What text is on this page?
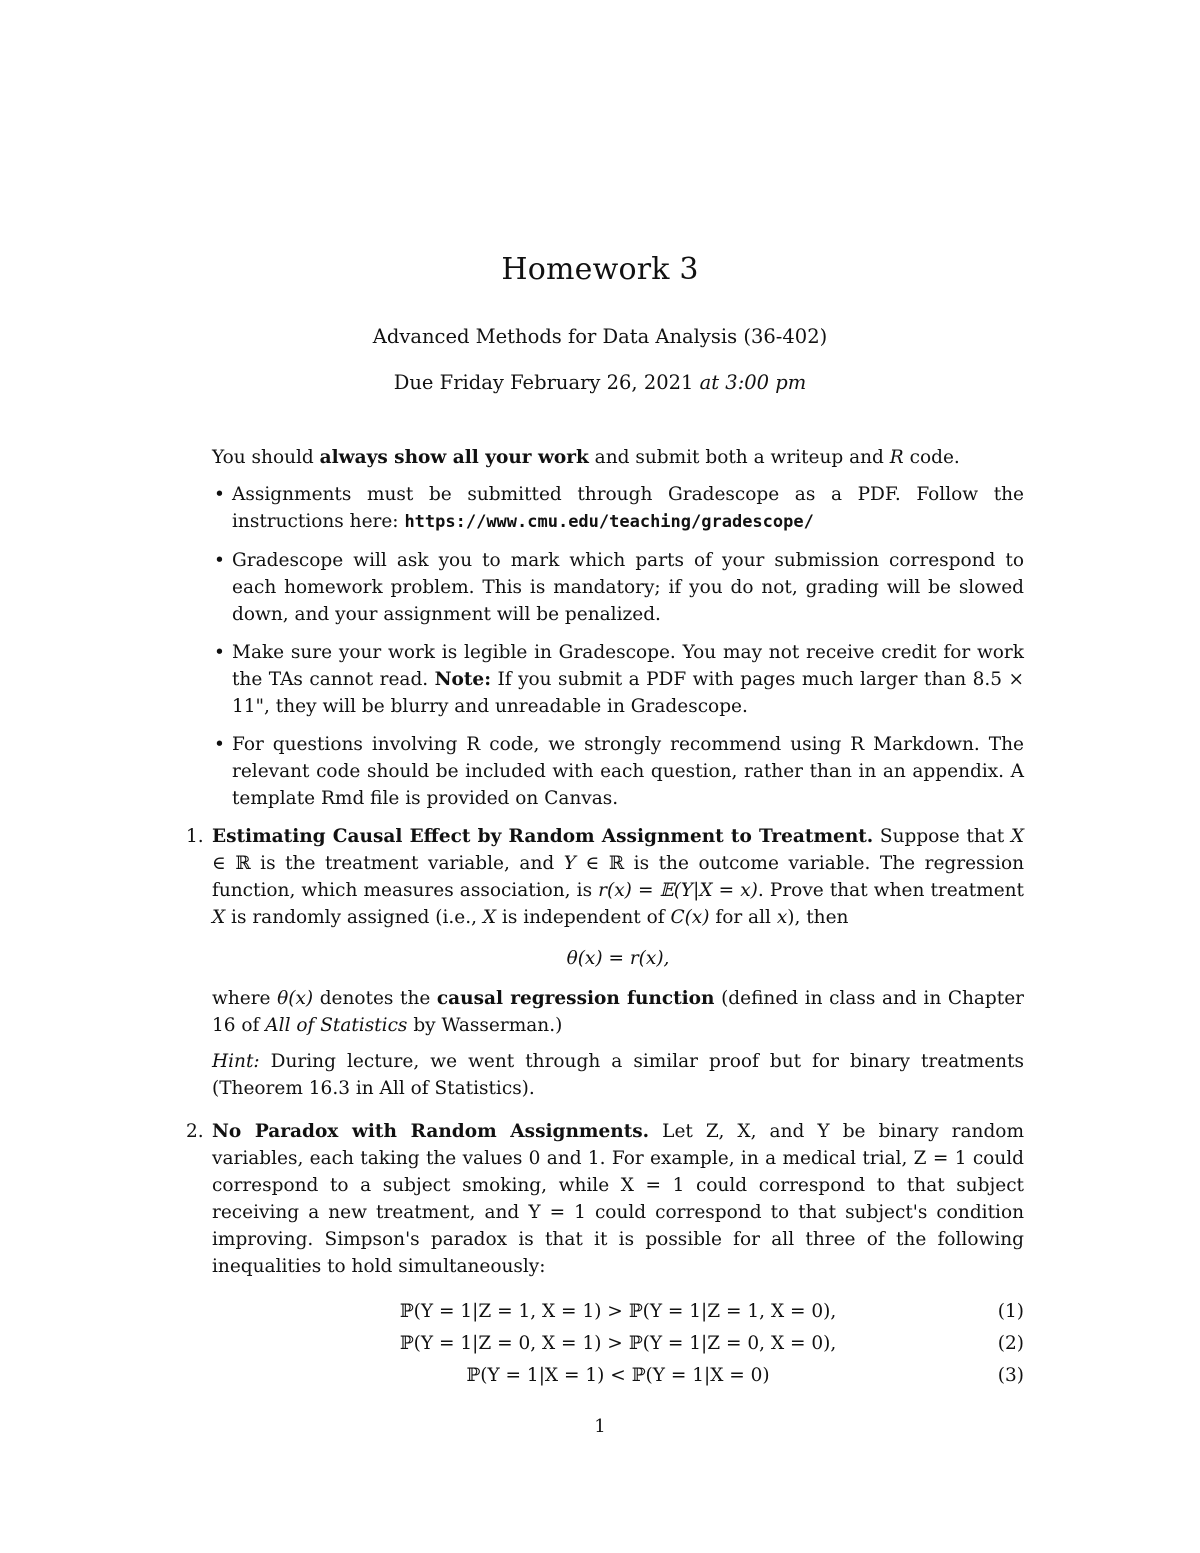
Homework 3
Advanced Methods for Data Analysis (36-402)
Due Friday February 26, 2021 at 3:00 pm

You should always show all your work and submit both a writeup and R code.

• Assignments must be submitted through Gradescope as a PDF. Follow the instructions here: https://www.cmu.edu/teaching/gradescope/
• Gradescope will ask you to mark which parts of your submission correspond to each homework problem. This is mandatory; if you do not, grading will be slowed down, and your assignment will be penalized.
• Make sure your work is legible in Gradescope. You may not receive credit for work the TAs cannot read. Note: If you submit a PDF with pages much larger than 8.5 × 11", they will be blurry and unreadable in Gradescope.
• For questions involving R code, we strongly recommend using R Markdown. The relevant code should be included with each question, rather than in an appendix. A template Rmd file is provided on Canvas.
1. Estimating Causal Effect by Random Assignment to Treatment. Suppose that X ∈ ℝ is the treatment variable, and Y ∈ ℝ is the outcome variable. The regression function, which measures association, is r(x) = 𝔼(Y|X = x). Prove that when treatment X is randomly assigned (i.e., X is independent of C(x) for all x), then

θ(x) = r(x),

where θ(x) denotes the causal regression function (defined in class and in Chapter 16 of All of Statistics by Wasserman.)

Hint: During lecture, we went through a similar proof but for binary treatments (Theorem 16.3 in All of Statistics).

2. No Paradox with Random Assignments. Let Z, X, and Y be binary random variables, each taking the values 0 and 1. For example, in a medical trial, Z = 1 could correspond to a subject smoking, while X = 1 could correspond to that subject receiving a new treatment, and Y = 1 could correspond to that subject's condition improving. Simpson's paradox is that it is possible for all three of the following inequalities to hold simultaneously:

ℙ(Y = 1|Z = 1, X = 1) > ℙ(Y = 1|Z = 1, X = 0),	(1)
ℙ(Y = 1|Z = 0, X = 1) > ℙ(Y = 1|Z = 0, X = 0),	(2)
ℙ(Y = 1|X = 1) < ℙ(Y = 1|X = 0)	(3)
1
